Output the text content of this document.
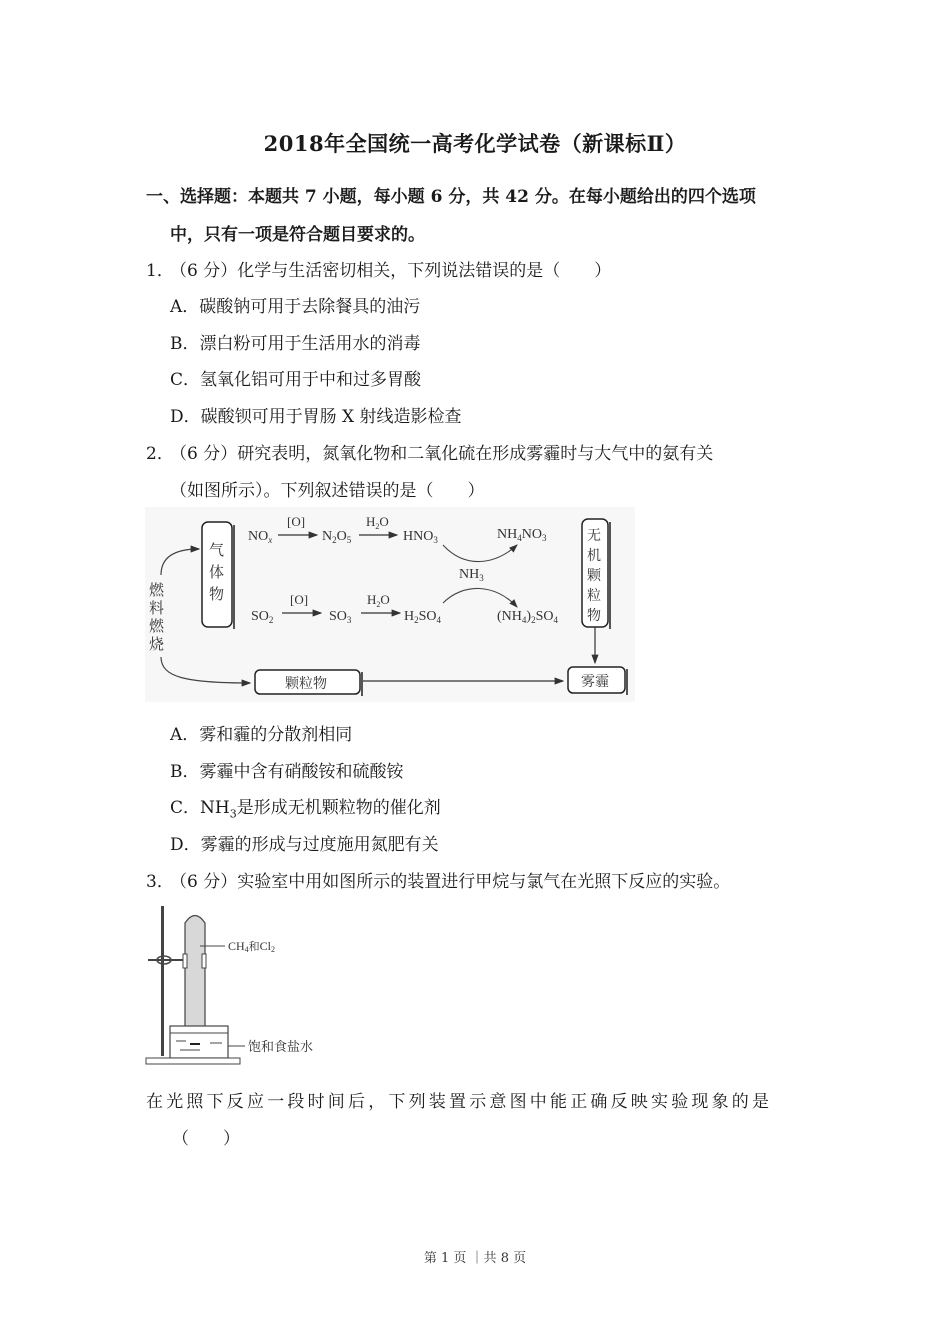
2018年全国统一高考化学试卷（新课标Ⅱ）
一、选择题：本题共 7 小题，每小题 6 分，共 42 分。在每小题给出的四个选项
中，只有一项是符合题目要求的。
1．
（6 分）化学与生活密切相关，下列说法错误的是（　　）
A．碳酸钠可用于去除餐具的油污
B．漂白粉可用于生活用水的消毒
C．氢氧化铝可用于中和过多胃酸
D．碳酸钡可用于胃肠 X 射线造影检查
2．
（6 分）研究表明，氮氧化物和二氧化硫在形成雾霾时与大气中的氨有关
（如图所示）。下列叙述错误的是（　　）
燃
料
燃
烧
气
体
物
$NO_x$
[O]
$N_2O_5$
$H_2O$
$HNO_3$	$NH_4NO_3$
$NH_3$
$SO_2$
[O]
$SO_3$
$H_2O$
$H_2SO_4$	$(NH_4)_2SO_4$
无
机
颗
粒
物
颗粒物	雾霾
A．雾和霾的分散剂相同
B．雾霾中含有硝酸铵和硫酸铵
C．$NH_3$是形成无机颗粒物的催化剂
D．雾霾的形成与过度施用氮肥有关
3．
（6 分）实验室中用如图所示的装置进行甲烷与氯气在光照下反应的实验。
CH4和Cl2
饱和食盐水
在光照下反应一段时间后，下列装置示意图中能正确反映实验现象的是
（　　）
第 1 页 ｜共 8 页
